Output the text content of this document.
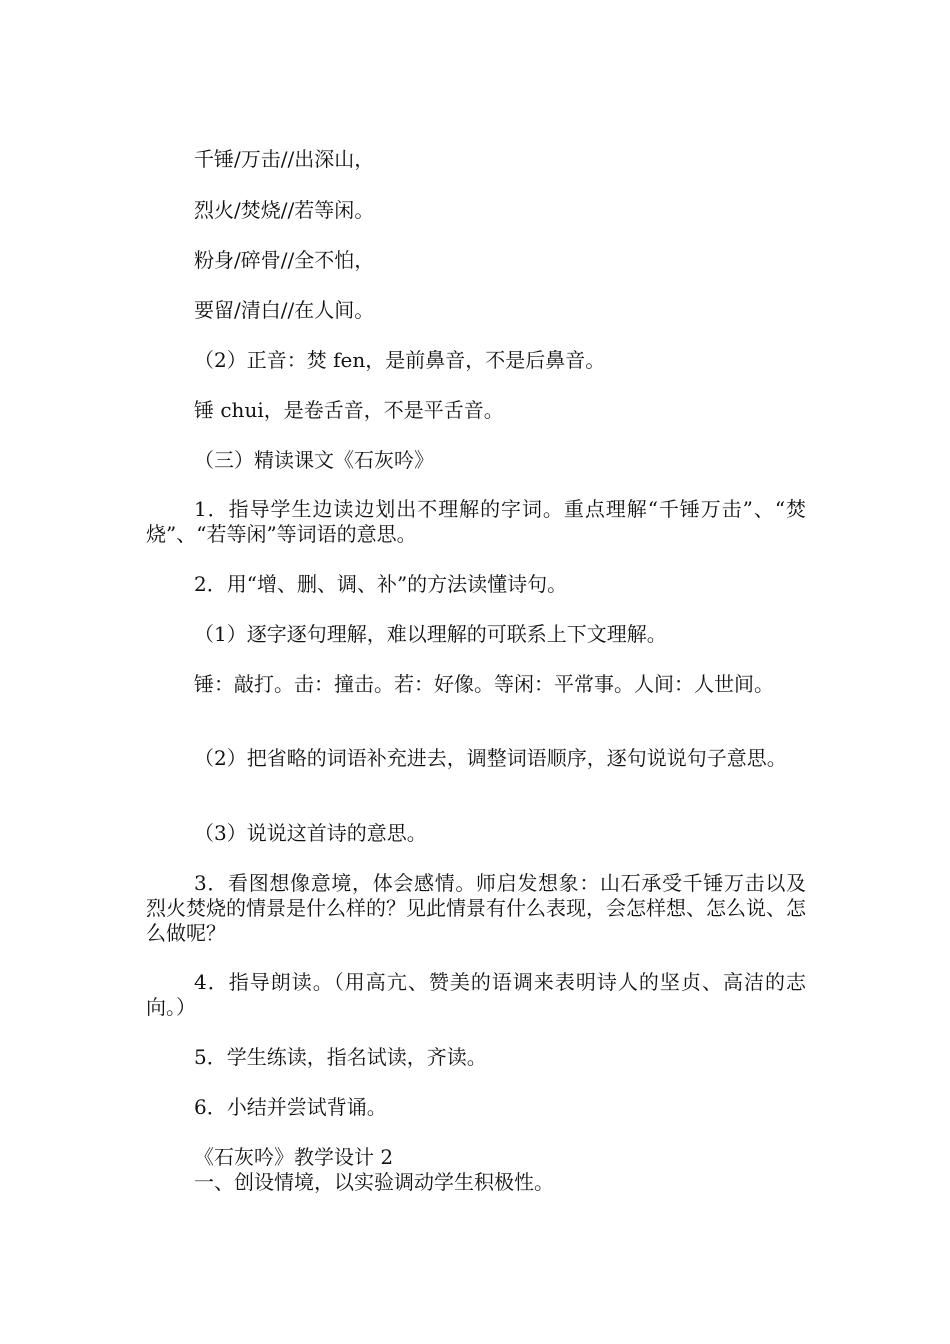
千锤/万击//出深山，

烈火/焚烧//若等闲。

粉身/碎骨//全不怕，

要留/清白//在人间。

（2）正音：焚 fen，是前鼻音，不是后鼻音。

锤 chui，是卷舌音，不是平舌音。

（三）精读课文《石灰吟》

1．指导学生边读边划出不理解的字词。重点理解“千锤万击”、“焚烧”、“若等闲”等词语的意思。

2．用“增、删、调、补”的方法读懂诗句。

（1）逐字逐句理解，难以理解的可联系上下文理解。

锤：敲打。击：撞击。若：好像。等闲：平常事。人间：人世间。

（2）把省略的词语补充进去，调整词语顺序，逐句说说句子意思。

（3）说说这首诗的意思。

3．看图想像意境，体会感情。师启发想象：山石承受千锤万击以及烈火焚烧的情景是什么样的？见此情景有什么表现，会怎样想、怎么说、怎么做呢？

4．指导朗读。（用高亢、赞美的语调来表明诗人的坚贞、高洁的志向。）

5．学生练读，指名试读，齐读。

6．小结并尝试背诵。

《石灰吟》教学设计 2

一、创设情境，以实验调动学生积极性。
